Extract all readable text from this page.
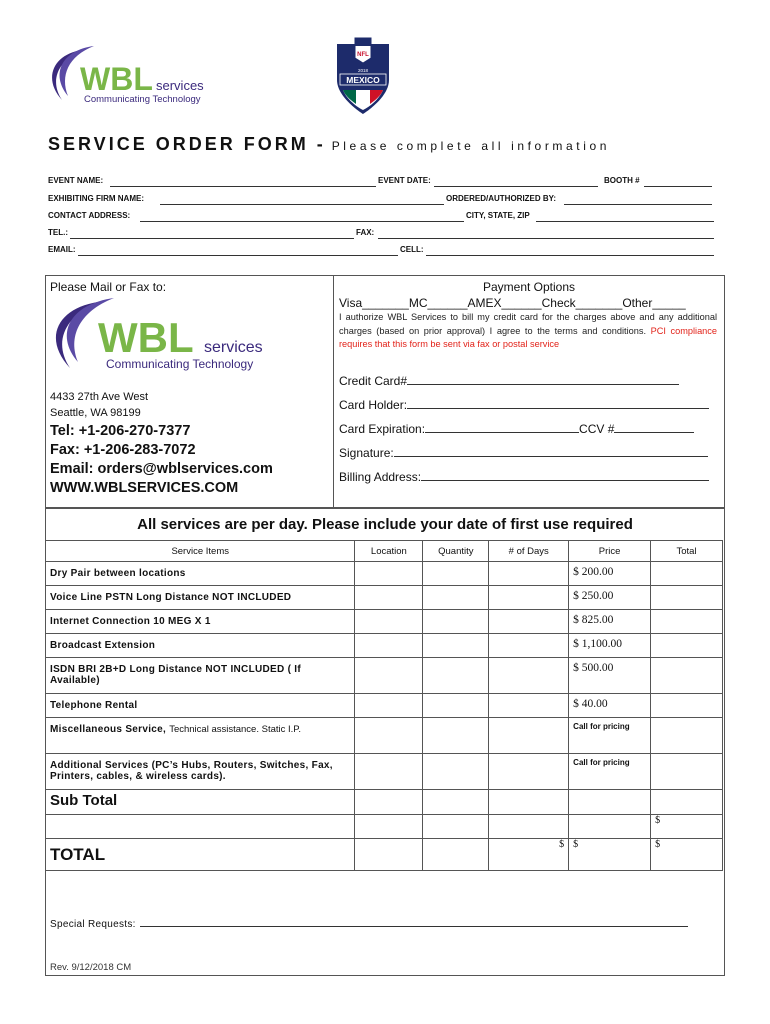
WBL services
Communicating Technology
NFL
2018
MEXICO
SERVICE ORDER FORM - Please complete all information
EVENT NAME:	EVENT DATE:	BOOTH #
EXHIBITING FIRM NAME:	ORDERED/AUTHORIZED BY:
CONTACT ADDRESS:	CITY, STATE, ZIP
TEL.:	FAX:
EMAIL:	CELL:
Please Mail or Fax to:
WBL services
Communicating Technology
4433 27th Ave West
Seattle, WA 98199
Tel: +1-206-270-7377
Fax: +1-206-283-7072
Email: orders@wblservices.com
WWW.WBLSERVICES.COM
Payment Options
Visa_______MC______AMEX______Check_______Other_____
I authorize WBL Services to bill my credit card for the charges above and any additional charges (based on prior approval) I agree to the terms and conditions. PCI compliance requires that this form be sent via fax or postal service
Credit Card#
Card Holder:
Card Expiration:	CCV #
Signature:
Billing Address:
All services are per day. Please include your date of first use required
Service Items	Location	Quantity	# of Days	Price	Total
Dry Pair between locations				$ 200.00	
Voice Line PSTN Long Distance NOT INCLUDED				$ 250.00	
Internet Connection 10 MEG X 1				$ 825.00	
Broadcast Extension				$ 1,100.00	
ISDN BRI 2B+D Long Distance NOT INCLUDED ( If Available)				$ 500.00	
Telephone Rental				$ 40.00	
Miscellaneous Service, Technical assistance. Static I.P.				Call for pricing	
Additional Services (PC’s Hubs, Routers, Switches, Fax, Printers, cables, & wireless cards).				Call for pricing	
Sub Total					
					$
TOTAL			$	$	$
Special Requests:
Rev. 9/12/2018 CM
